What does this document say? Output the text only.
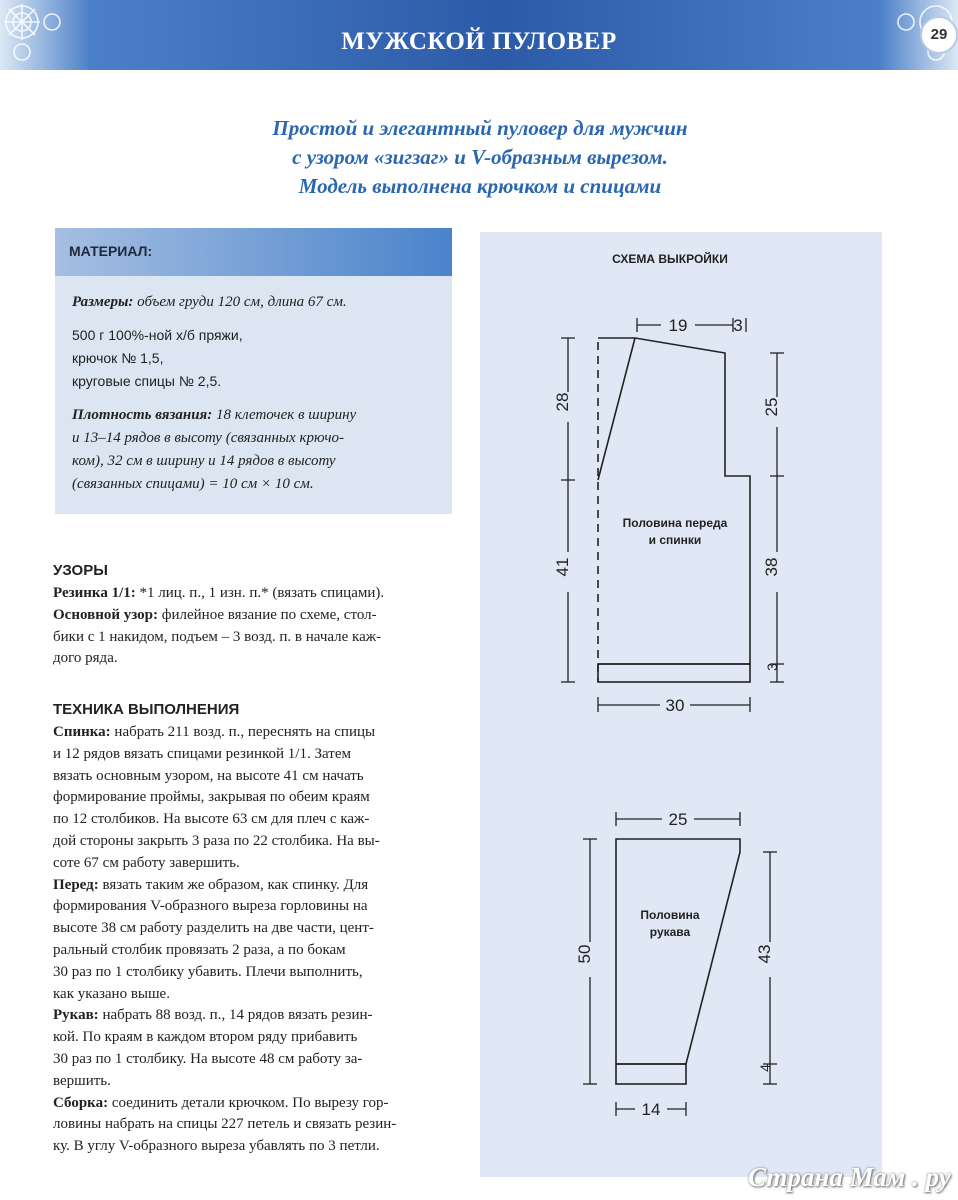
МУЖСКОЙ ПУЛОВЕР	29
Простой и элегантный пуловер для мужчин
с узором «зигзаг» и V-образным вырезом.
Модель выполнена крючком и спицами
МАТЕРИАЛ:
Размеры: объем груди 120 см, длина 67 см.
500 г 100%-ной х/б пряжи,
крючок № 1,5,
круговые спицы № 2,5.
Плотность вязания: 18 клеточек в ширину
и 13–14 рядов в высоту (связанных крючо-
ком), 32 см в ширину и 14 рядов в высоту
(связанных спицами) = 10 см × 10 см.
УЗОРЫ
Резинка 1/1: *1 лиц. п., 1 изн. п.* (вязать спицами).
Основной узор: филейное вязание по схеме, стол-
бики с 1 накидом, подъем – 3 возд. п. в начале каж-
дого ряда.
ТЕХНИКА ВЫПОЛНЕНИЯ
Спинка: набрать 211 возд. п., переснять на спицы
и 12 рядов вязать спицами резинкой 1/1. Затем
вязать основным узором, на высоте 41 см начать
формирование проймы, закрывая по обеим краям
по 12 столбиков. На высоте 63 см для плеч с каж-
дой стороны закрыть 3 раза по 22 столбика. На вы-
соте 67 см работу завершить.
Перед: вязать таким же образом, как спинку. Для
формирования V-образного выреза горловины на
высоте 38 см работу разделить на две части, цент-
ральный столбик провязать 2 раза, а по бокам
30 раз по 1 столбику убавить. Плечи выполнить,
как указано выше.
Рукав: набрать 88 возд. п., 14 рядов вязать резин-
кой. По краям в каждом втором ряду прибавить
30 раз по 1 столбику. На высоте 48 см работу за-
вершить.
Сборка: соединить детали крючком. По вырезу гор-
ловины набрать на спицы 227 петель и связать резин-
ку. В углу V-образного выреза убавлять по 3 петли.
СХЕМА ВЫКРОЙКИ
19	3
28	25
41	38
3
30
25
50	43
4
14
Половина переда
и спинки
Половина
рукава
Страна Мам . ру
